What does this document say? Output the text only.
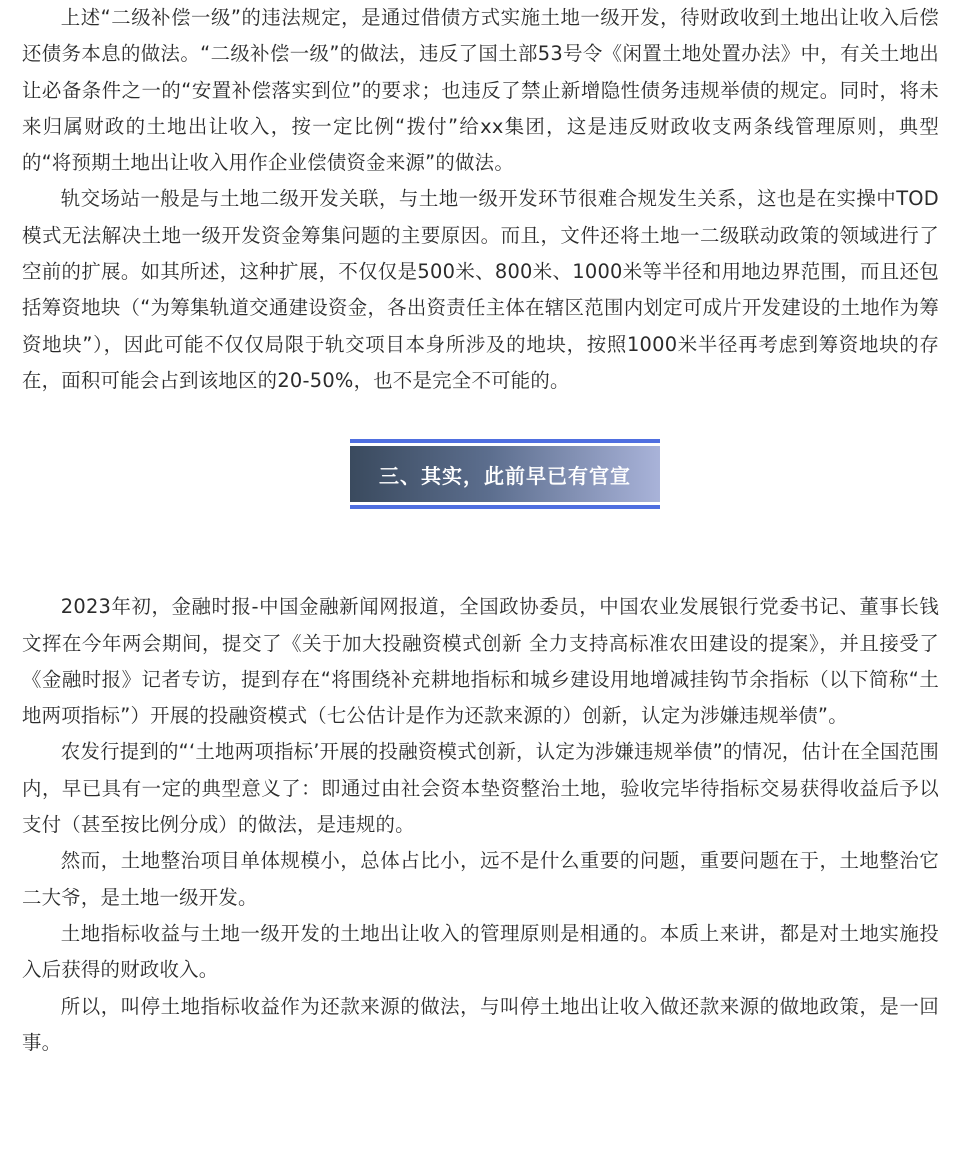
上述“二级补偿一级”的违法规定，是通过借债方式实施土地一级开发，待财政收到土地出让收入后偿还债务本息的做法。“二级补偿一级”的做法，违反了国土部53号令《闲置土地处置办法》中，有关土地出让必备条件之一的“安置补偿落实到位”的要求；也违反了禁止新增隐性债务违规举债的规定。同时，将未来归属财政的土地出让收入，按一定比例“拨付”给xx集团，这是违反财政收支两条线管理原则，典型的“将预期土地出让收入用作企业偿债资金来源”的做法。

轨交场站一般是与土地二级开发关联，与土地一级开发环节很难合规发生关系，这也是在实操中TOD模式无法解决土地一级开发资金筹集问题的主要原因。而且，文件还将土地一二级联动政策的领域进行了空前的扩展。如其所述，这种扩展，不仅仅是500米、800米、1000米等半径和用地边界范围，而且还包括筹资地块（“为筹集轨道交通建设资金，各出资责任主体在辖区范围内划定可成片开发建设的土地作为筹资地块”），因此可能不仅仅局限于轨交项目本身所涉及的地块，按照1000米半径再考虑到筹资地块的存在，面积可能会占到该地区的20-50%，也不是完全不可能的。

三、其实，此前早已有官宣

2023年初，金融时报-中国金融新闻网报道，全国政协委员，中国农业发展银行党委书记、董事长钱文挥在今年两会期间，提交了《关于加大投融资模式创新 全力支持高标准农田建设的提案》，并且接受了《金融时报》记者专访，提到存在“将围绕补充耕地指标和城乡建设用地增减挂钩节余指标（以下简称“土地两项指标”）开展的投融资模式（七公估计是作为还款来源的）创新，认定为涉嫌违规举债”。

农发行提到的“‘土地两项指标’开展的投融资模式创新，认定为涉嫌违规举债”的情况，估计在全国范围内，早已具有一定的典型意义了：即通过由社会资本垫资整治土地，验收完毕待指标交易获得收益后予以支付（甚至按比例分成）的做法，是违规的。

然而，土地整治项目单体规模小，总体占比小，远不是什么重要的问题，重要问题在于，土地整治它二大爷，是土地一级开发。

土地指标收益与土地一级开发的土地出让收入的管理原则是相通的。本质上来讲，都是对土地实施投入后获得的财政收入。

所以，叫停土地指标收益作为还款来源的做法，与叫停土地出让收入做还款来源的做地政策，是一回事。
